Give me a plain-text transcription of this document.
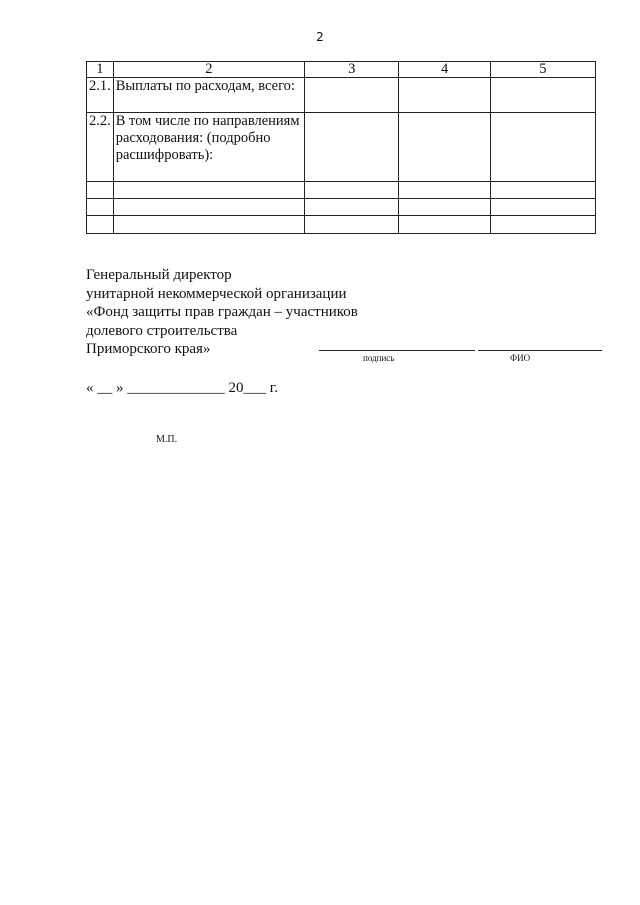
2
1	2	3	4	5
2.1.	Выплаты по расходам, всего:			
2.2.	В том числе по направлениям расходования: (подробно расшифровать):			

Генеральный директор
унитарной некоммерческой организации
«Фонд защиты прав граждан – участников
долевого строительства
Приморского края»
подпись	ФИО
« __ » _____________ 20___ г.
М.П.
